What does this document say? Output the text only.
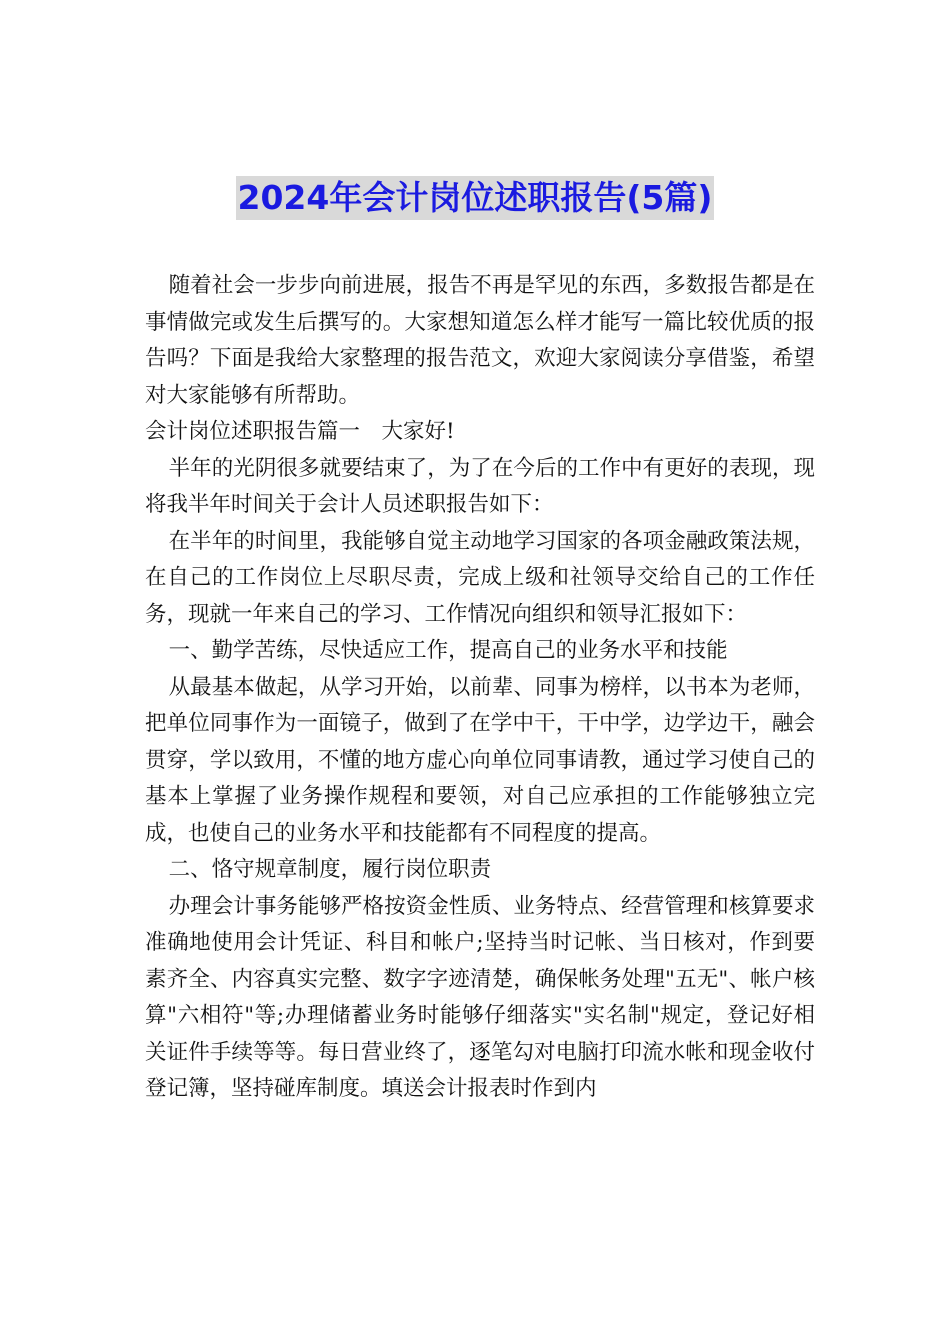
2024年会计岗位述职报告(5篇)

随着社会一步步向前进展，报告不再是罕见的东西，多数报告都是在事情做完或发生后撰写的。大家想知道怎么样才能写一篇比较优质的报告吗？下面是我给大家整理的报告范文，欢迎大家阅读分享借鉴，希望对大家能够有所帮助。

会计岗位述职报告篇一　大家好!

半年的光阴很多就要结束了，为了在今后的工作中有更好的表现，现将我半年时间关于会计人员述职报告如下：

在半年的时间里，我能够自觉主动地学习国家的各项金融政策法规，在自己的工作岗位上尽职尽责，完成上级和社领导交给自己的工作任务，现就一年来自己的学习、工作情况向组织和领导汇报如下：

一、勤学苦练，尽快适应工作，提高自己的业务水平和技能

从最基本做起，从学习开始，以前辈、同事为榜样，以书本为老师，把单位同事作为一面镜子，做到了在学中干，干中学，边学边干，融会贯穿，学以致用，不懂的地方虚心向单位同事请教，通过学习使自己的基本上掌握了业务操作规程和要领，对自己应承担的工作能够独立完成，也使自己的业务水平和技能都有不同程度的提高。

二、恪守规章制度，履行岗位职责

办理会计事务能够严格按资金性质、业务特点、经营管理和核算要求准确地使用会计凭证、科目和帐户;坚持当时记帐、当日核对，作到要素齐全、内容真实完整、数字字迹清楚，确保帐务处理"五无"、帐户核算"六相符"等;办理储蓄业务时能够仔细落实"实名制"规定，登记好相关证件手续等等。每日营业终了，逐笔勾对电脑打印流水帐和现金收付登记簿，坚持碰库制度。填送会计报表时作到内
